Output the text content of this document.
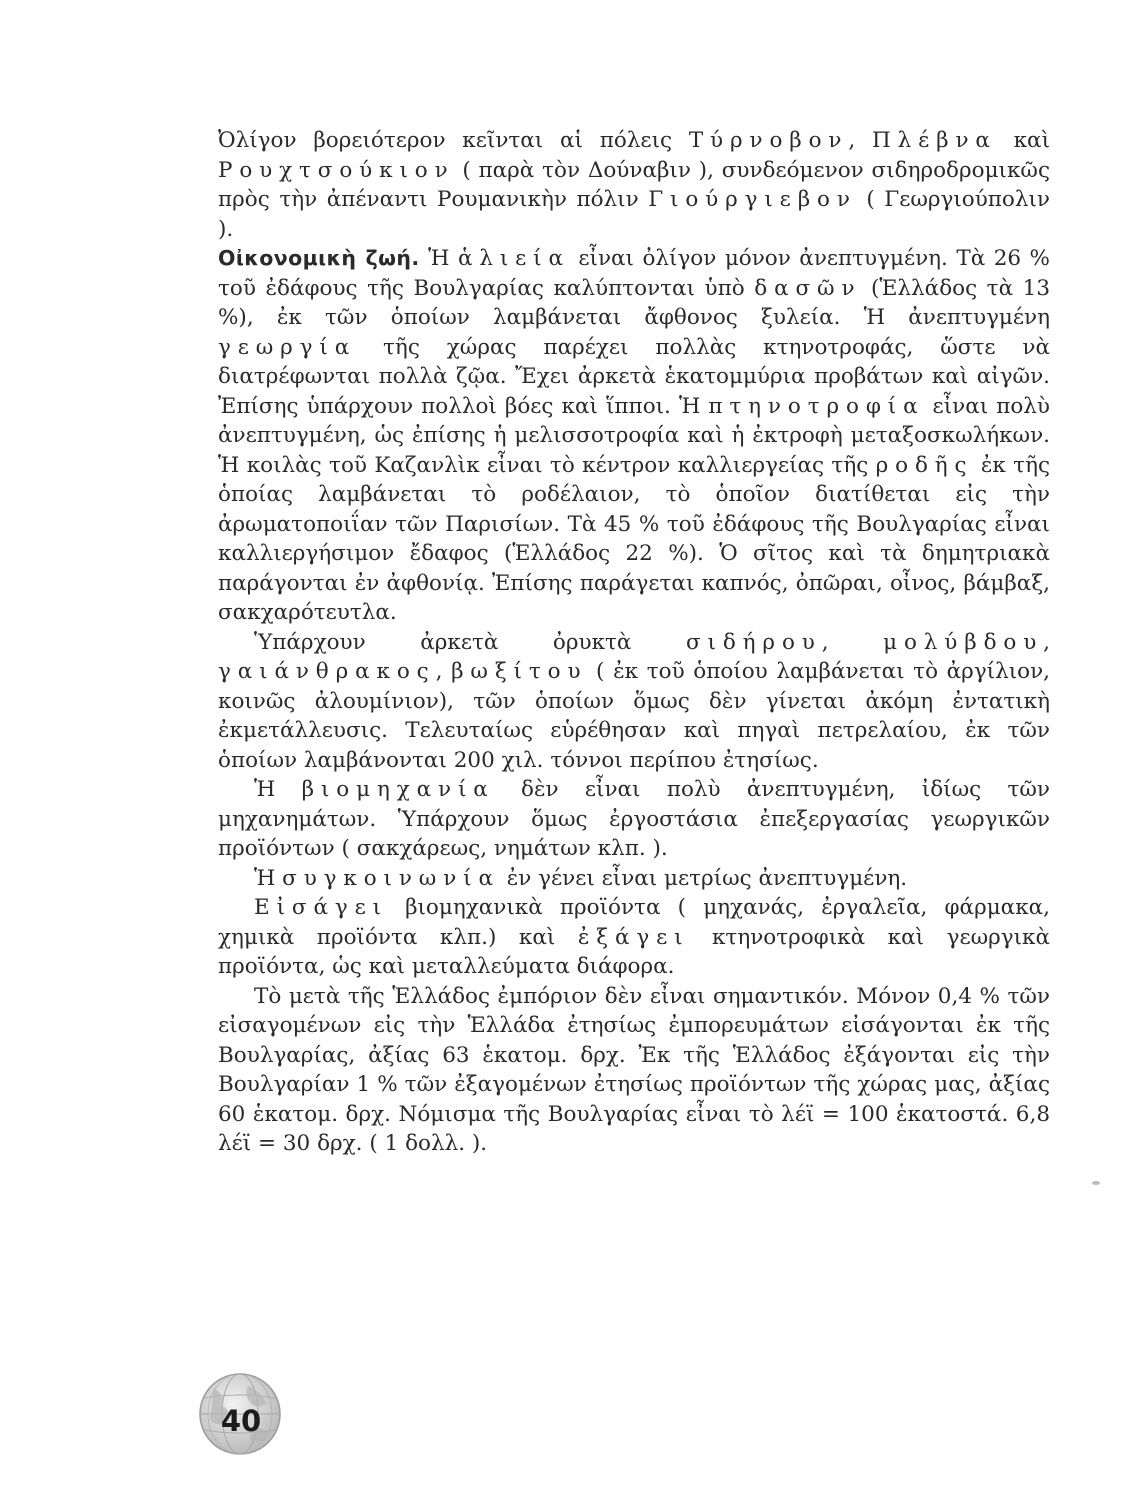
Ὀλίγον βορειότερον κεῖνται αἱ πόλεις Τύρνοβον, Πλέβνα καὶ Ρουχτσούκιον ( παρὰ τὸν Δούναβιν ), συνδεόμενον σιδηροδρομικῶς πρὸς τὴν ἀπέναντι Ρουμανικὴν πόλιν Γιούργιεβον ( Γεωργιούπολιν ).

Οἰκονομικὴ ζωή. Ἡ ἁλιεία εἶναι ὀλίγον μόνον ἀνεπτυγμένη. Τὰ 26 % τοῦ ἐδάφους τῆς Βουλγαρίας καλύπτονται ὑπὸ δασῶν (Ἑλλάδος τὰ 13 %), ἐκ τῶν ὁποίων λαμβάνεται ἄφθονος ξυλεία. Ἡ ἀνεπτυγμένη γεωργία τῆς χώρας παρέχει πολλὰς κτηνοτροφάς, ὥστε νὰ διατρέφωνται πολλὰ ζῷα. Ἔχει ἀρκετὰ ἑκατομμύρια προβάτων καὶ αἰγῶν. Ἐπίσης ὑπάρχουν πολλοὶ βόες καὶ ἵπποι. Ἡ πτηνοτροφία εἶναι πολὺ ἀνεπτυγμένη, ὡς ἐπίσης ἡ μελισσοτροφία καὶ ἡ ἐκτροφὴ μεταξοσκωλήκων. Ἡ κοιλὰς τοῦ Καζανλὶκ εἶναι τὸ κέντρον καλλιεργείας τῆς ροδῆς ἐκ τῆς ὁποίας λαμβάνεται τὸ ροδέλαιον, τὸ ὁποῖον διατίθεται εἰς τὴν ἀρωματοποιΐαν τῶν Παρισίων. Τὰ 45 % τοῦ ἐδάφους τῆς Βουλγαρίας εἶναι καλλιεργήσιμον ἔδαφος (Ἑλλάδος 22 %). Ὁ σῖτος καὶ τὰ δημητριακὰ παράγονται ἐν ἀφθονίᾳ. Ἐπίσης παράγεται καπνός, ὀπῶραι, οἶνος, βάμβαξ, σακχαρότευτλα.

Ὑπάρχουν ἀρκετὰ ὀρυκτὰ σιδήρου, μολύβδου, γαιάνθρακος, βωξίτου ( ἐκ τοῦ ὁποίου λαμβάνεται τὸ ἀργίλιον, κοινῶς ἀλουμίνιον), τῶν ὁποίων ὅμως δὲν γίνεται ἀκόμη ἐντατικὴ ἐκμετάλλευσις. Τελευταίως εὑρέθησαν καὶ πηγαὶ πετρελαίου, ἐκ τῶν ὁποίων λαμβάνονται 200 χιλ. τόννοι περίπου ἐτησίως.

Ἡ βιομηχανία δὲν εἶναι πολὺ ἀνεπτυγμένη, ἰδίως τῶν μηχανημάτων. Ὑπάρχουν ὅμως ἐργοστάσια ἐπεξεργασίας γεωργικῶν προϊόντων ( σακχάρεως, νημάτων κλπ. ).

Ἡ συγκοινωνία ἐν γένει εἶναι μετρίως ἀνεπτυγμένη.

Εἰσάγει βιομηχανικὰ προϊόντα ( μηχανάς, ἐργαλεῖα, φάρμακα, χημικὰ προϊόντα κλπ.) καὶ ἐξάγει κτηνοτροφικὰ καὶ γεωργικὰ προϊόντα, ὡς καὶ μεταλλεύματα διάφορα.

Τὸ μετὰ τῆς Ἑλλάδος ἐμπόριον δὲν εἶναι σημαντικόν. Μόνον 0,4 % τῶν εἰσαγομένων εἰς τὴν Ἑλλάδα ἐτησίως ἐμπορευμάτων εἰσάγονται ἐκ τῆς Βουλγαρίας, ἀξίας 63 ἑκατομ. δρχ. Ἐκ τῆς Ἑλλάδος ἐξάγονται εἰς τὴν Βουλγαρίαν 1 % τῶν ἐξαγομένων ἐτησίως προϊόντων τῆς χώρας μας, ἀξίας 60 ἑκατομ. δρχ. Νόμισμα τῆς Βουλγαρίας εἶναι τὸ λέϊ = 100 ἑκατοστά. 6,8 λέϊ = 30 δρχ. ( 1 δολλ. ).

40
